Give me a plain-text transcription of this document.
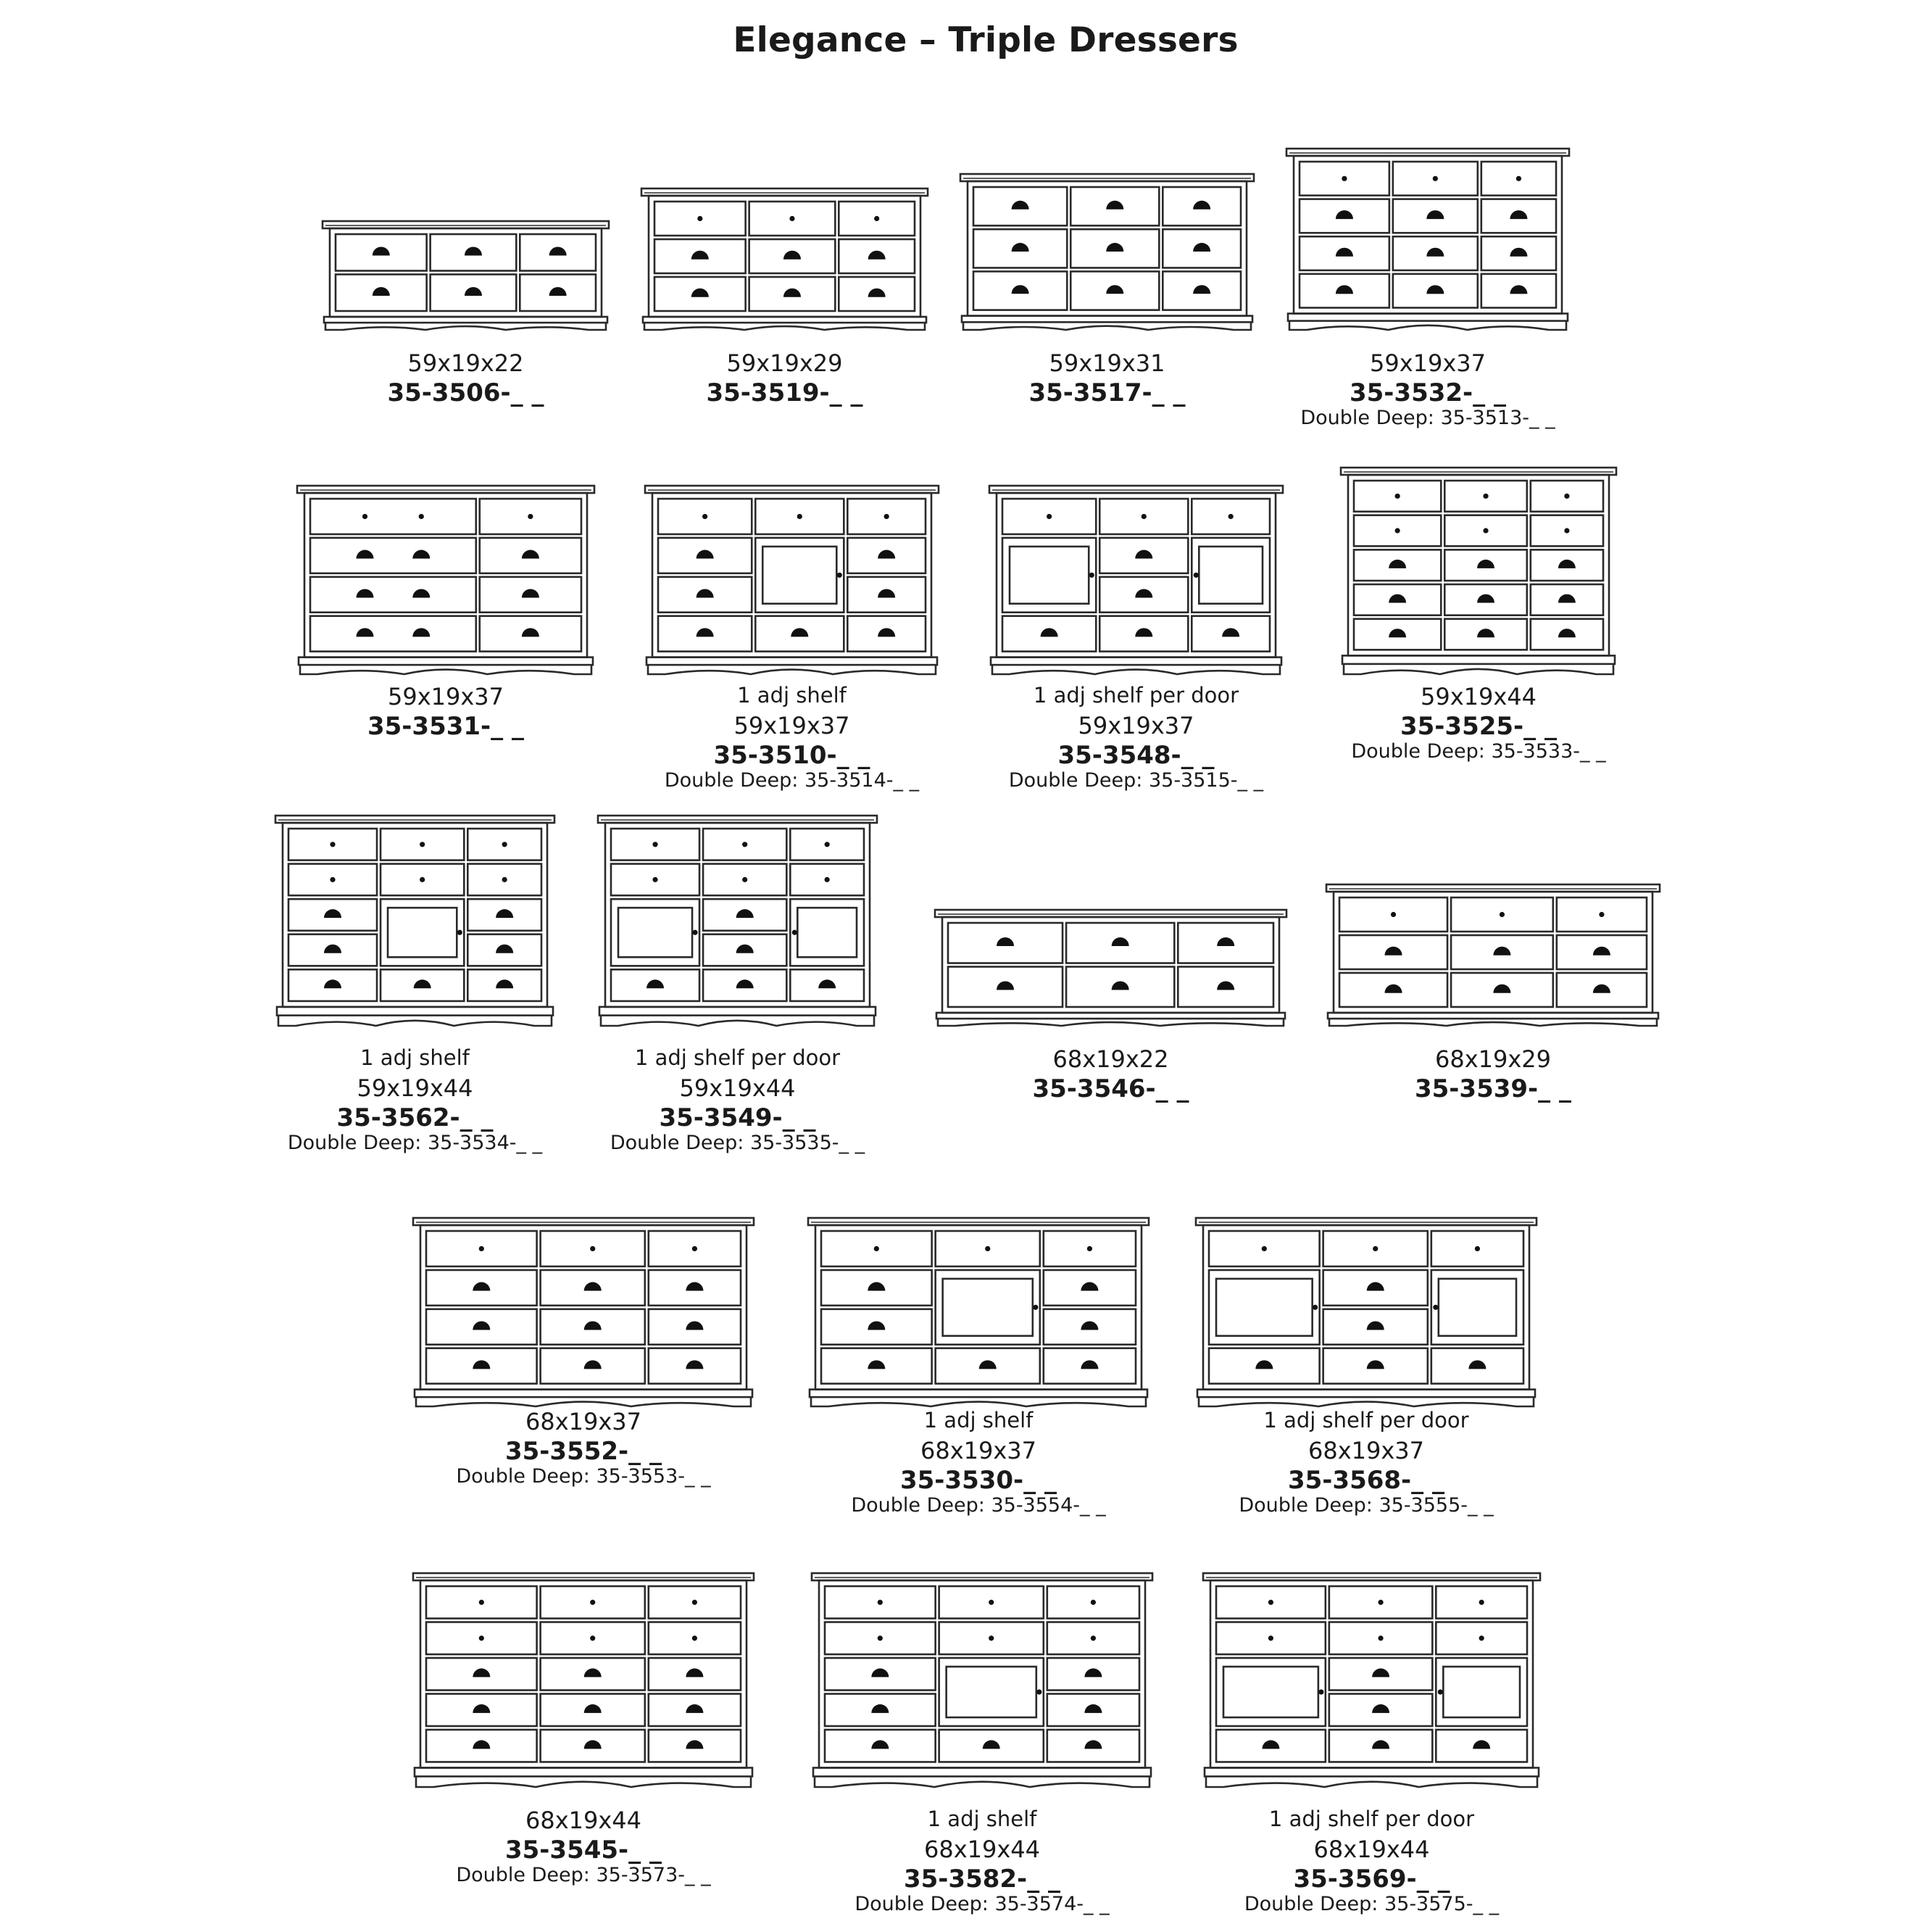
Elegance – Triple Dressers
59x19x22
35-3506-_ _
59x19x29
35-3519-_ _
59x19x31
35-3517-_ _
59x19x37
35-3532-_ _
Double Deep: 35-3513-_ _
59x19x37
35-3531-_ _
1 adj shelf
59x19x37
35-3510-_ _
Double Deep: 35-3514-_ _
1 adj shelf per door
59x19x37
35-3548-_ _
Double Deep: 35-3515-_ _
59x19x44
35-3525-_ _
Double Deep: 35-3533-_ _
1 adj shelf
59x19x44
35-3562-_ _
Double Deep: 35-3534-_ _
1 adj shelf per door
59x19x44
35-3549-_ _
Double Deep: 35-3535-_ _
68x19x22
35-3546-_ _
68x19x29
35-3539-_ _
68x19x37
35-3552-_ _
Double Deep: 35-3553-_ _
1 adj shelf
68x19x37
35-3530-_ _
Double Deep: 35-3554-_ _
1 adj shelf per door
68x19x37
35-3568-_ _
Double Deep: 35-3555-_ _
68x19x44
35-3545-_ _
Double Deep: 35-3573-_ _
1 adj shelf
68x19x44
35-3582-_ _
Double Deep: 35-3574-_ _
1 adj shelf per door
68x19x44
35-3569-_ _
Double Deep: 35-3575-_ _
